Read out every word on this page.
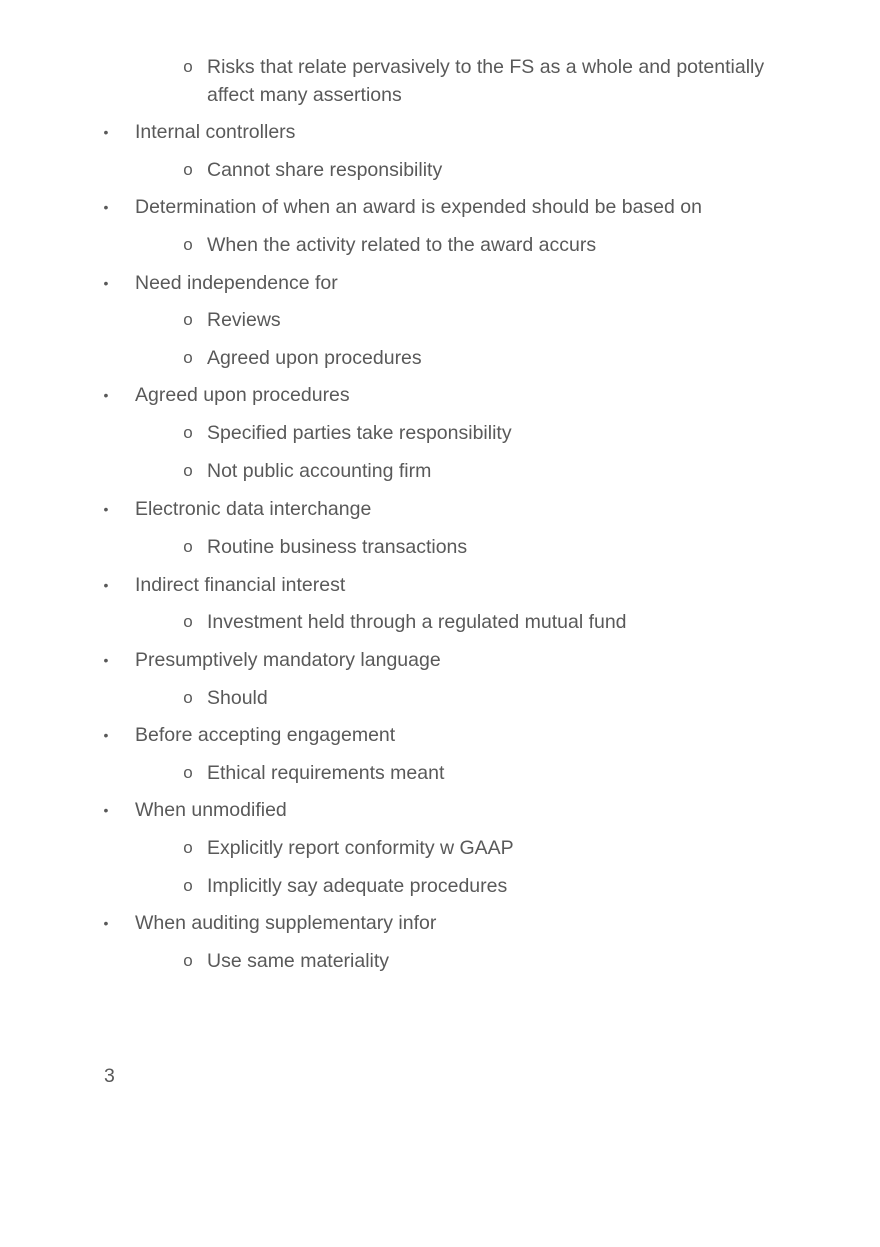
o Risks that relate pervasively to the FS as a whole and potentially
affect many assertions
• Internal controllers
o Cannot share responsibility
• Determination of when an award is expended should be based on
o When the activity related to the award accurs
• Need independence for
o Reviews
o Agreed upon procedures
• Agreed upon procedures
o Specified parties take responsibility
o Not public accounting firm
• Electronic data interchange
o Routine business transactions
• Indirect financial interest
o Investment held through a regulated mutual fund
• Presumptively mandatory language
o Should
• Before accepting engagement
o Ethical requirements meant
• When unmodified
o Explicitly report conformity w GAAP
o Implicitly say adequate procedures
• When auditing supplementary infor
o Use same materiality
3
